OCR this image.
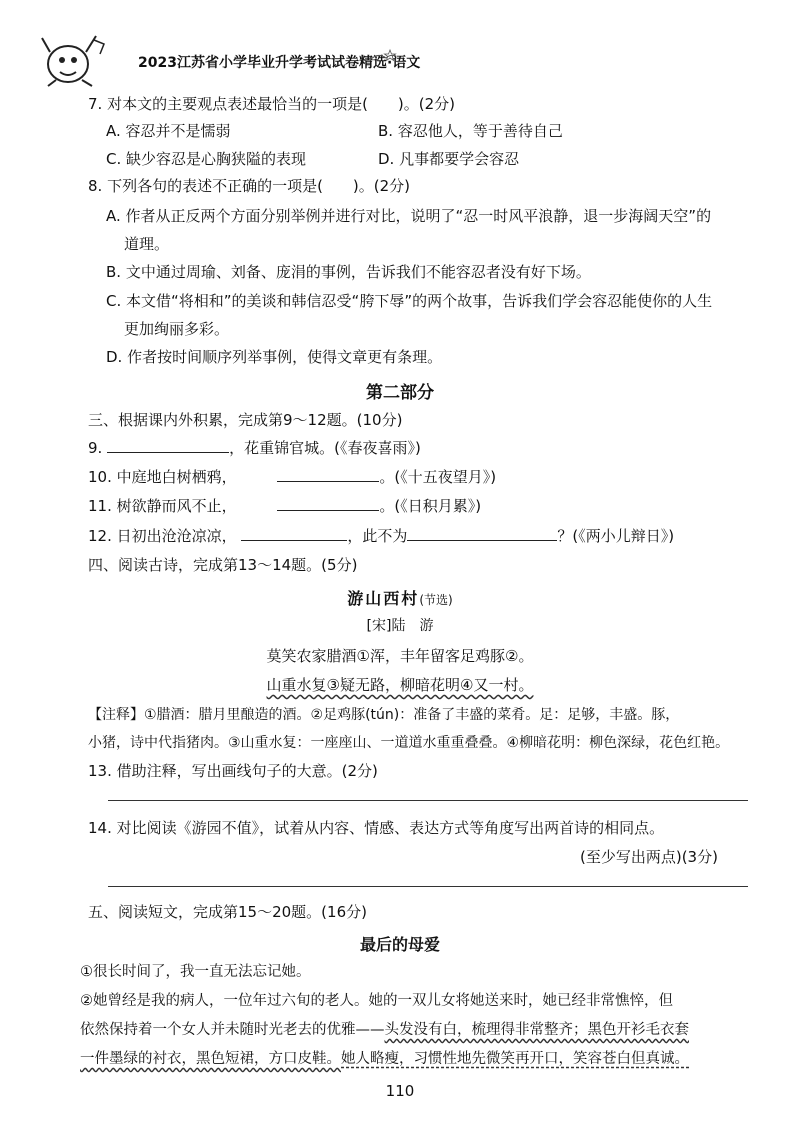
2023江苏省小学毕业升学考试试卷精选·语文
7. 对本文的主要观点表述最恰当的一项是(　　)。(2分)
A. 容忍并不是懦弱	B. 容忍他人，等于善待自己
C. 缺少容忍是心胸狭隘的表现	D. 凡事都要学会容忍
8. 下列各句的表述不正确的一项是(　　)。(2分)
A. 作者从正反两个方面分别举例并进行对比，说明了“忍一时风平浪静，退一步海阔天空”的
道理。
B. 文中通过周瑜、刘备、庞涓的事例，告诉我们不能容忍者没有好下场。
C. 本文借“将相和”的美谈和韩信忍受“胯下辱”的两个故事，告诉我们学会容忍能使你的人生
更加绚丽多彩。
D. 作者按时间顺序列举事例，使得文章更有条理。
第二部分
三、根据课内外积累，完成第9～12题。(10分)
9.	，花重锦官城。(《春夜喜雨》)
10. 中庭地白树栖鸦，	。(《十五夜望月》)
11. 树欲静而风不止，	。(《日积月累》)
12. 日初出沧沧凉凉，	，此不为	？(《两小儿辩日》)
四、阅读古诗，完成第13～14题。(5分)
游山西村(节选)
[宋]陆　游
莫笑农家腊酒①浑，丰年留客足鸡豚②。
山重水复③疑无路，柳暗花明④又一村。
【注释】①腊酒：腊月里酿造的酒。②足鸡豚(tún)：准备了丰盛的菜肴。足：足够，丰盛。豚，
小猪，诗中代指猪肉。③山重水复：一座座山、一道道水重重叠叠。④柳暗花明：柳色深绿，花色红艳。
13. 借助注释，写出画线句子的大意。(2分)
14. 对比阅读《游园不值》，试着从内容、情感、表达方式等角度写出两首诗的相同点。
(至少写出两点)(3分)
五、阅读短文，完成第15～20题。(16分)
最后的母爱
①很长时间了，我一直无法忘记她。
②她曾经是我的病人，一位年过六旬的老人。她的一双儿女将她送来时，她已经非常憔悴，但
依然保持着一个女人并未随时光老去的优雅——头发没有白，梳理得非常整齐；黑色开衫毛衣套
一件墨绿的衬衣，黑色短裙，方口皮鞋。她人略瘦，习惯性地先微笑再开口，笑容苍白但真诚。
110
